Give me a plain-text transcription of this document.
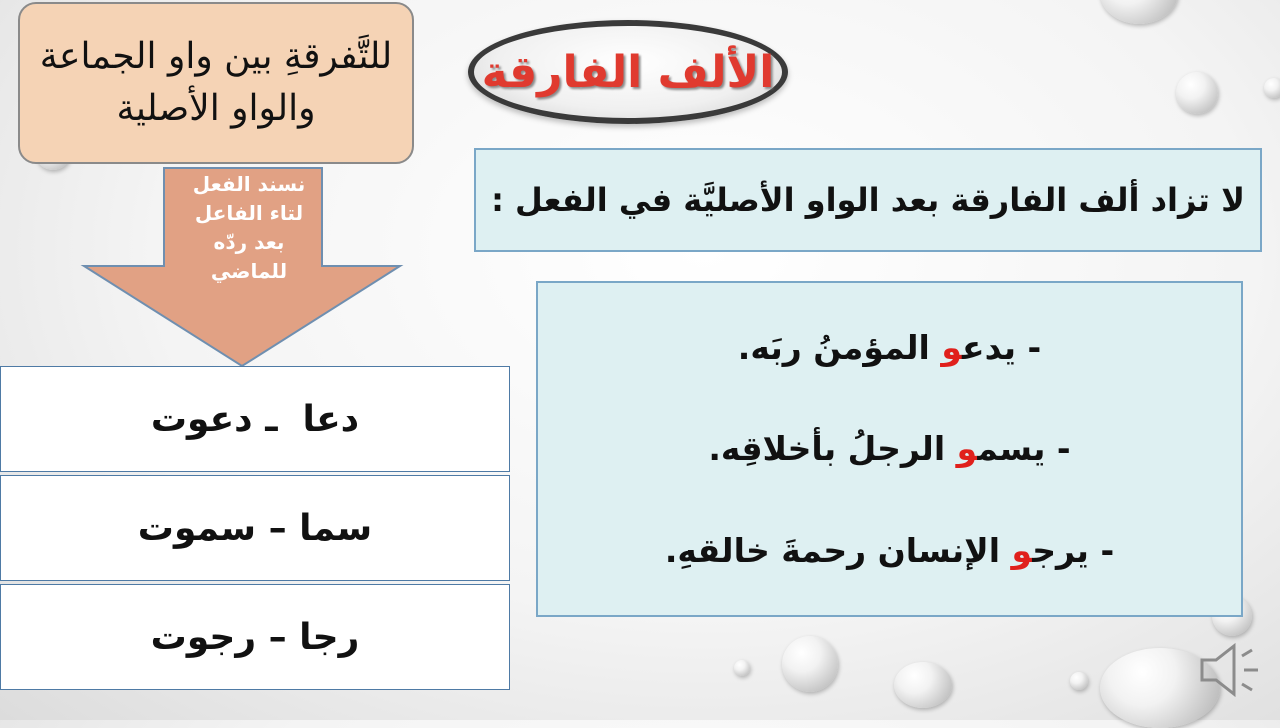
الألف الفارقة
للتَّفرقةِ بين واو الجماعة
والواو الأصلية
نسند الفعل
لتاء الفاعل
بعد ردّه
للماضي
دعا  ـ دعوت
سما – سموت
رجا – رجوت
لا تزاد ألف الفارقة بعد الواو الأصليَّة في الفعل :
- يدعو المؤمنُ ربَه.
- يسمو الرجلُ بأخلاقِه.
- يرجو الإنسان رحمةَ خالقهِ.
